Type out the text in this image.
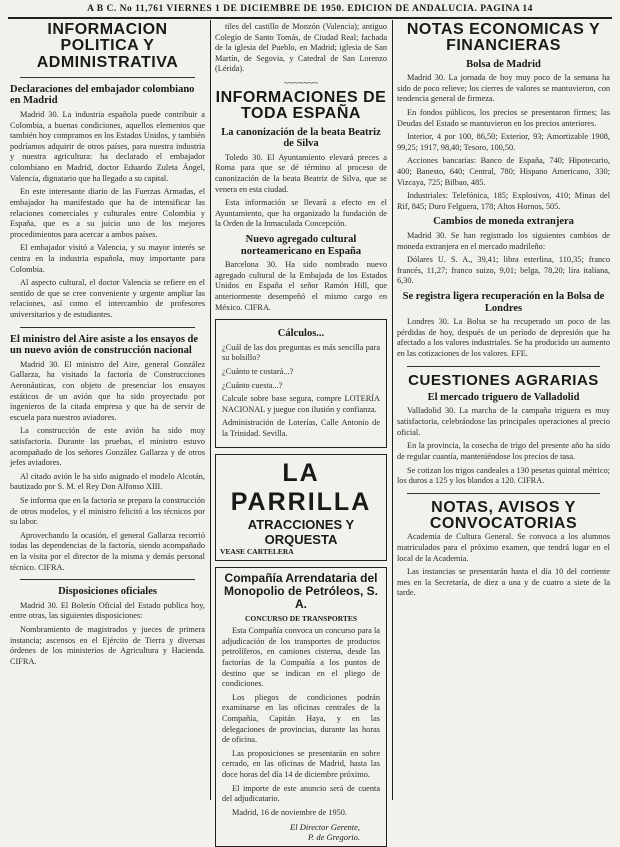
A B C. No 11,761 VIERNES 1 DE DICIEMBRE DE 1950. EDICION DE ANDALUCIA. PAGINA 14
INFORMACION POLITICA Y ADMINISTRATIVA
Declaraciones del embajador colombiano en Madrid

Madrid 30. La industria española puede contribuir a Colombia, a buenas condiciones, aquellos elementos que también hoy compramos en los Estados Unidos, y también podríamos adquirir de otros países, para nuestra industria y nuestra agricultura: ha declarado el embajador colombiano en Madrid, doctor Eduardo Zuleta Ángel, Valencia, dignatario que ha llegado a su capital.

En este interesante diario de las Fuerzas Armadas, el embajador ha manifestado que ha de intensificar las relaciones comerciales y culturales entre Colombia y España, que es a su juicio uno de los mejores procedimientos para acercar a ambos países.

El embajador visitó a Valencia, y su mayor interés se centra en la industria española, muy importante para Colombia.

Al aspecto cultural, el doctor Valencia se refiere en el sentido de que se cree conveniente y urgente ampliar las relaciones, así como el intercambio de profesores universitarios y de estudiantes.

El ministro del Aire asiste a los ensayos de un nuevo avión de construcción nacional

Madrid 30. El ministro del Aire, general González Gallarza, ha visitado la factoría de Construcciones Aeronáuticas, con objeto de presenciar los ensayos estáticos de un avión que ha sido proyectado por ingenieros de la citada empresa y que ha de servir de escuela para nuestros aviadores.

La construcción de este avión ha sido muy satisfactoria. Durante las pruebas, el ministro estuvo acompañado de los señores González Gallarza y de otros jefes aviadores.

Al citado avión le ha sido asignado el modelo Alcotán, bautizado por S. M. el Rey Don Alfonso XIII.

Se informa que en la factoría se prepara la construcción de otros modelos, y el ministro felicitó a los técnicos por su labor.

Aprovechando la ocasión, el general Gallarza recorrió todas las dependencias de la factoría, siendo acompañado en la visita por el director de la misma y demás personal técnico. CIFRA.

Disposiciones oficiales

Madrid 30. El Boletín Oficial del Estado publica hoy, entre otras, las siguientes disposiciones:

Nombramiento de magistrados y jueces de primera instancia; ascensos en el Ejército de Tierra y diversas órdenes de los ministerios de Agricultura y Hacienda. CIFRA.

tiles del castillo de Monzón (Valencia); antiguo Colegio de Santo Tomás, de Ciudad Real; fachada de la iglesia del Pueblo, en Madrid; iglesia de San Martín, de Segovia, y Catedral de San Lorenzo (Lérida).

~~~~~~~
INFORMACIONES DE TODA ESPAÑA
La canonización de la beata Beatriz de Silva

Toledo 30. El Ayuntamiento elevará preces a Roma para que se dé término al proceso de canonización de la beata Beatriz de Silva, que se venera en esta ciudad.

Esta información se llevará a efecto en el Ayuntamiento, que ha organizado la fundación de la Orden de la Inmaculada Concepción.

Nuevo agregado cultural norteamericano en España

Barcelona 30. Ha sido nombrado nuevo agregado cultural de la Embajada de los Estados Unidos en España el señor Ramón Hill, que anteriormente desempeñó el mismo cargo en México. CIFRA.

Cálculos...

¿Cuál de las dos preguntas es más sencilla para su bolsillo?

¿Cuánto te costará...?

¿Cuánto cuesta...?

Calcule sobre base segura, compre LOTERÍA NACIONAL y juegue con ilusión y confianza.

Administración de Loterías, Calle Antonio de la Trinidad. Sevilla.

LA PARRILLA
ATRACCIONES Y ORQUESTA
VEASE CARTELERA
Compañía Arrendataria del Monopolio de Petróleos, S. A.
CONCURSO DE TRANSPORTES

Esta Compañía convoca un concurso para la adjudicación de los transportes de productos petrolíferos, en camiones cisterna, desde las factorías de la Compañía a los puntos de destino que se indican en el pliego de condiciones.

Los pliegos de condiciones podrán examinarse en las oficinas centrales de la Compañía, Capitán Haya, y en las delegaciones de provincias, durante las horas de oficina.

Las proposiciones se presentarán en sobre cerrado, en las oficinas de Madrid, hasta las doce horas del día 14 de diciembre próximo.

El importe de este anuncio será de cuenta del adjudicatario.

Madrid, 16 de noviembre de 1950.

El Director Gerente,
P. de Gregorio.
NOTAS ECONOMICAS Y FINANCIERAS
Bolsa de Madrid

Madrid 30. La jornada de hoy muy poco de la semana ha sido de poco relieve; los cierres de valores se mantuvieron, con tendencia general de firmeza.

En fondos públicos, los precios se presentaron firmes; las Deudas del Estado se mantuvieron en los precios anteriores.

Interior, 4 por 100, 86,50; Exterior, 93; Amortizable 1908, 99,25; 1917, 98,40; Tesoro, 100,50.

Acciones bancarias: Banco de España, 740; Hipotecario, 400; Banesto, 640; Central, 780; Hispano Americano, 330; Vizcaya, 725; Bilbao, 485.

Industriales: Telefónica, 185; Explosivos, 410; Minas del Rif, 845; Duro Felguera, 178; Altos Hornos, 505.

Cambios de moneda extranjera

Madrid 30. Se han registrado los siguientes cambios de moneda extranjera en el mercado madrileño:

Dólares U. S. A., 39,41; libra esterlina, 110,35; franco francés, 11,27; franco suizo, 9,01; belga, 78,20; lira italiana, 6,30.

Se registra ligera recuperación en la Bolsa de Londres

Londres 30. La Bolsa se ha recuperado un poco de las pérdidas de hoy, después de un período de depresión que ha afectado a los valores industriales. Se ha producido un aumento en las cotizaciones de los valores. EFE.

CUESTIONES AGRARIAS
El mercado triguero de Valladolid

Valladolid 30. La marcha de la campaña triguera es muy satisfactoria, celebrándose las principales operaciones al precio oficial.

En la provincia, la cosecha de trigo del presente año ha sido de regular cuantía, manteniéndose los precios de tasa.

Se cotizan los trigos candeales a 130 pesetas quintal métrico; los duros a 125 y los blandos a 120. CIFRA.

NOTAS, AVISOS Y CONVOCATORIAS

Academia de Cultura General. Se convoca a los alumnos matriculados para el próximo examen, que tendrá lugar en el local de la Academia.

Las instancias se presentarán hasta el día 10 del corriente mes en la Secretaría, de diez a una y de cuatro a siete de la tarde.
